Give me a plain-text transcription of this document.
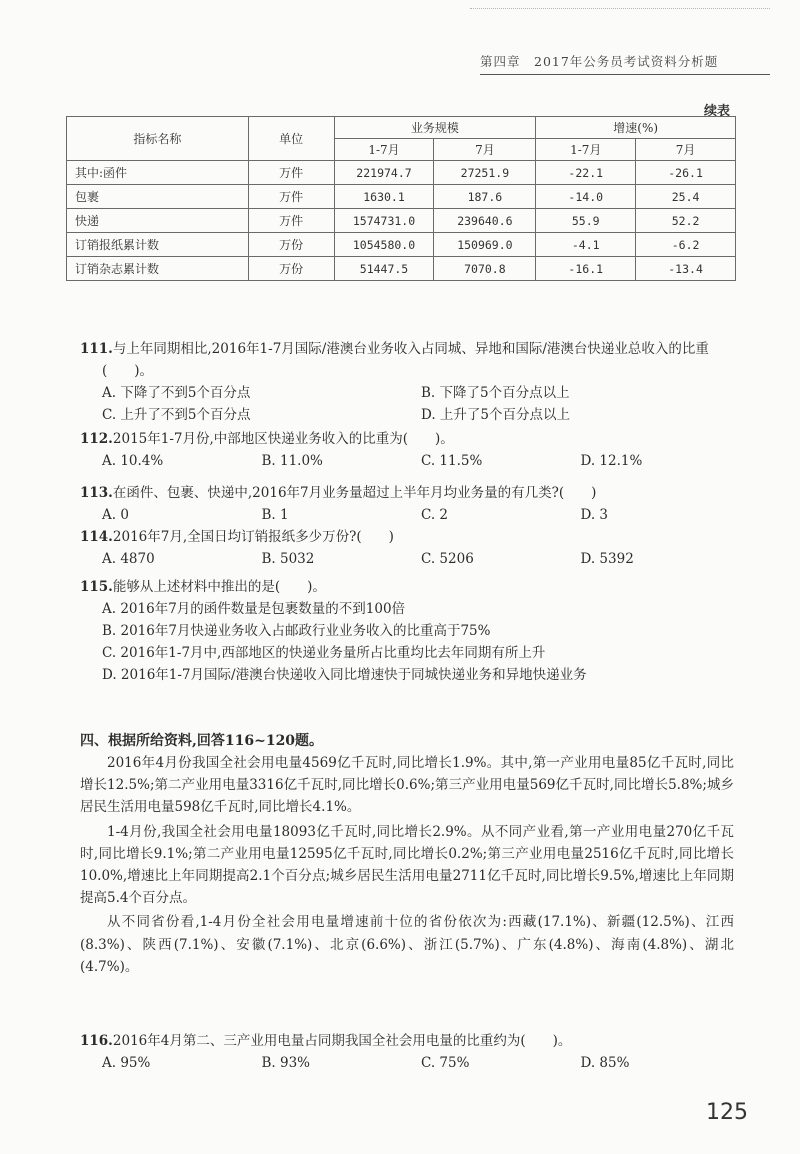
第四章　2017年公务员考试资料分析题
续表
指标名称	单位	业务规模		增速(%)	
		1-7月	7月	1-7月	7月
其中:函件	万件	221974.7	27251.9	-22.1	-26.1
包裹	万件	1630.1	187.6	-14.0	25.4
快递	万件	1574731.0	239640.6	55.9	52.2
订销报纸累计数	万份	1054580.0	150969.0	-4.1	-6.2
订销杂志累计数	万份	51447.5	7070.8	-16.1	-13.4

111.与上年同期相比,2016年1-7月国际/港澳台业务收入占同城、异地和国际/港澳台快递业总收入的比重(　　)。

A. 下降了不到5个百分点	B. 下降了5个百分点以上
C. 上升了不到5个百分点	D. 上升了5个百分点以上

112.2015年1-7月份,中部地区快递业务收入的比重为(　　)。

A. 10.4%	B. 11.0%	C. 11.5%	D. 12.1%

113.在函件、包裹、快递中,2016年7月业务量超过上半年月均业务量的有几类?(　　)

A. 0	B. 1	C. 2	D. 3

114.2016年7月,全国日均订销报纸多少万份?(　　)

A. 4870	B. 5032	C. 5206	D. 5392

115.能够从上述材料中推出的是(　　)。

A. 2016年7月的函件数量是包裹数量的不到100倍
B. 2016年7月快递业务收入占邮政行业业务收入的比重高于75%
C. 2016年1-7月中,西部地区的快递业务量所占比重均比去年同期有所上升
D. 2016年1-7月国际/港澳台快递收入同比增速快于同城快递业务和异地快递业务
四、根据所给资料,回答116~120题。

2016年4月份我国全社会用电量4569亿千瓦时,同比增长1.9%。其中,第一产业用电量85亿千瓦时,同比增长12.5%;第二产业用电量3316亿千瓦时,同比增长0.6%;第三产业用电量569亿千瓦时,同比增长5.8%;城乡居民生活用电量598亿千瓦时,同比增长4.1%。

1-4月份,我国全社会用电量18093亿千瓦时,同比增长2.9%。从不同产业看,第一产业用电量270亿千瓦时,同比增长9.1%;第二产业用电量12595亿千瓦时,同比增长0.2%;第三产业用电量2516亿千瓦时,同比增长10.0%,增速比上年同期提高2.1个百分点;城乡居民生活用电量2711亿千瓦时,同比增长9.5%,增速比上年同期提高5.4个百分点。

从不同省份看,1-4月份全社会用电量增速前十位的省份依次为:西藏(17.1%)、新疆(12.5%)、江西(8.3%)、陕西(7.1%)、安徽(7.1%)、北京(6.6%)、浙江(5.7%)、广东(4.8%)、海南(4.8%)、湖北(4.7%)。

116.2016年4月第二、三产业用电量占同期我国全社会用电量的比重约为(　　)。

A. 95%	B. 93%	C. 75%	D. 85%
125
